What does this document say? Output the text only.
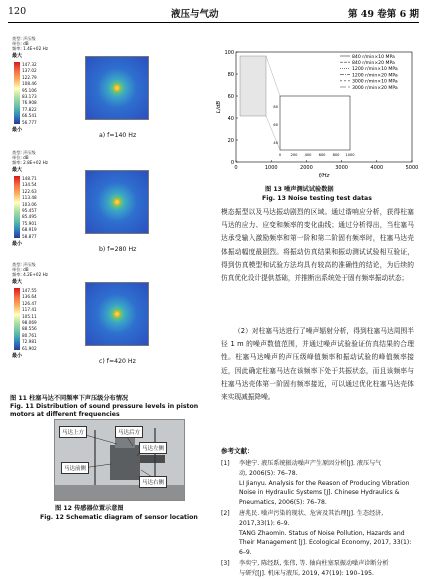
120	液压与气动	第 49 卷第 6 期
类型: 声压级
单位: dB
频率: 1.4E+02 Hz
最大
最小
a) f=140 Hz
147.32
137.02
122.79
108.46
95.106
83.173
76.908
77.822
66.541
56.777
类型: 声压级
单位: dB
频率: 2.8E+02 Hz
最大
最小
b) f=280 Hz
148.71
134.54
122.63
113.48
103.06
95.457
85.495
75.901
68.919
58.877
类型: 声压级
单位: dB
频率: 4.2E+02 Hz
最大
最小
c) f=420 Hz
147.55
136.64
126.47
117.41
105.11
98.069
88.556
80.761
72.981
61.902
图 11 柱塞马达不同频率下声压级分布情况
Fig. 11 Distribution of sound pressure levels in piston motors at different frequencies
马达上方	马达后方
马达左侧
马达前侧
马达右侧
图 12 传感器位置示意图
Fig. 12 Schematic diagram of sensor location
0	1000	2000	3000	4000	5000
0
20
40
60
80
100
f/Hz
L/dB
840 r/min×10 MPa
840 r/min×20 MPa
1200 r/min×10 MPa
1200 r/min×20 MPa
3000 r/min×10 MPa
3000 r/min×20 MPa
0	200 400 600 800 1000
40
60
80
图 13 噪声测试试验数据
Fig. 13 Noise testing test datas
模态振型以及马达振动剧烈的区域。通过谐响应分析，获得柱塞马达的应力、应变和频率的变化曲线；通过分析得出，当柱塞马达承受输入激励频率和第一阶和第二阶固有频率时，柱塞马达壳体振动幅度最剧烈。将振动仿真结果和振动测试试验相互验证，得到仿真模型和试验方法均具有较高的准确性的结论，为后续的仿真优化设计提供基础，并推断出系统处于固有频率振动状态；
（2）对柱塞马达进行了噪声辐射分析，得到柱塞马达周围半径 1 m 的噪声数值范围，并通过噪声试验验证仿真结果的合理性。柱塞马达噪声的声压级峰值频率和振动试验的峰值频率接近，因此确定柱塞马达在该频率下处于共振状态，而且该频率与柱塞马达壳体第一阶固有频率接近，可以通过优化柱塞马达壳体来实现减振降噪。
参考文献：
[1] 李建宁. 液压系统振动噪声产生原因分析[J]. 液压与气
动, 2006(5): 76–78.
LI Jianyu. Analysis for the Reason of Producing Vibration
Noise in Hydraulic Systems [J]. Chinese Hydraulics &
Pneumatics, 2006(5): 76–78.
[2] 唐兆民. 噪声污染的现状、危害及其治理[J]. 生态经济,
2017,33(1): 6–9.
TANG Zhaomin. Status of Noise Pollution, Hazards and
Their Management [J]. Ecological Economy, 2017, 33(1):
6–9.
[3] 李奕宁, 陈经跃, 张伟, 等. 轴向柱塞泵振动噪声诊断分析
与研究[J]. 机床与液压, 2019, 47(19): 190–195.
